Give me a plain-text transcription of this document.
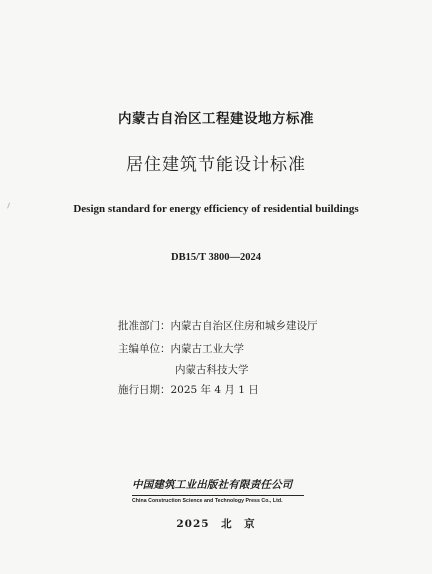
内蒙古自治区工程建设地方标准

居住建筑节能设计标准

Design standard for energy efficiency of residential buildings

DB15/T 3800—2024

批准部门：内蒙古自治区住房和城乡建设厅

主编单位：内蒙古工业大学

内蒙古科技大学

施行日期：2025 年 4 月 1 日

中国建筑工业出版社有限责任公司
China Construction Science and Technology Press Co., Ltd.

2025　北　京
